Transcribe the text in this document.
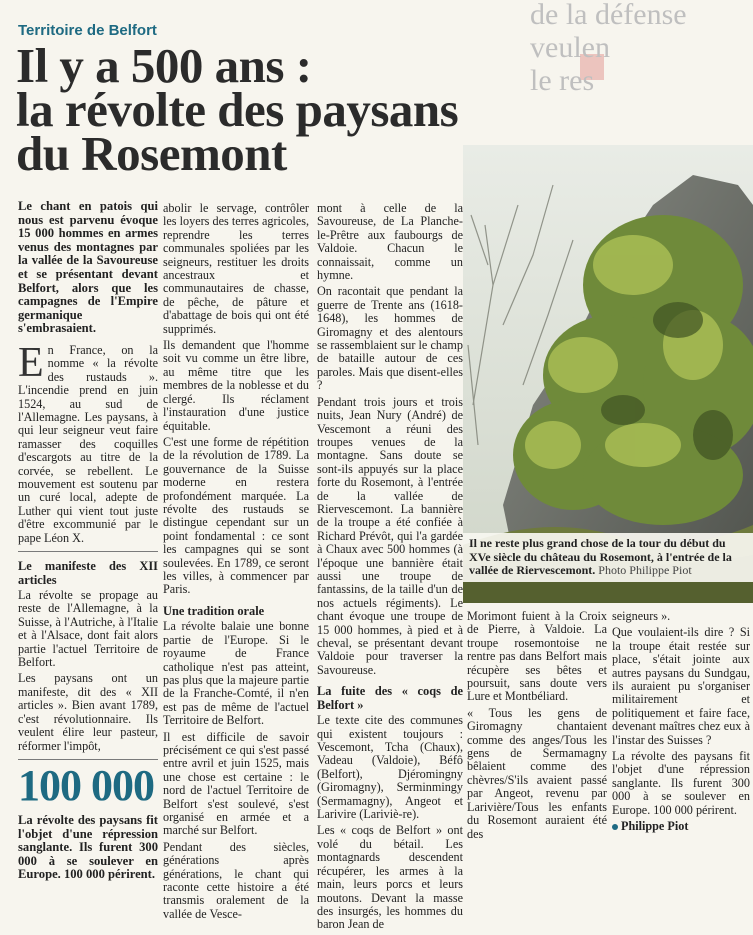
de la défense
veulen
le res
Territoire de Belfort
Il y a 500 ans :
la révolte des paysans
du Rosemont

Le chant en patois qui nous est parvenu évoque 15 000 hommes en armes venus des montagnes par la vallée de la Savoureuse et se présentant devant Belfort, alors que les campagnes de l'Empire germanique s'embrasaient.

En France, on la nomme « la révolte des rustauds ». L'incendie prend en juin 1524, au sud de l'Allemagne. Les paysans, à qui leur seigneur veut faire ramasser des coquilles d'escargots au titre de la corvée, se rebellent. Le mouvement est soutenu par un curé local, adepte de Luther qui vient tout juste d'être excommunié par le pape Léon X.

Le manifeste des XII articles

La révolte se propage au reste de l'Allemagne, à la Suisse, à l'Autriche, à l'Italie et à l'Alsace, dont fait alors partie l'actuel Territoire de Belfort.

Les paysans ont un manifeste, dit des « XII articles ». Bien avant 1789, c'est révolutionnaire. Ils veulent élire leur pasteur, réformer l'impôt,

100 000

La révolte des paysans fit l'objet d'une répression sanglante. Ils furent 300 000 à se soulever en Europe. 100 000 périrent.

abolir le servage, contrôler les loyers des terres agricoles, reprendre les terres communales spoliées par les seigneurs, restituer les droits ancestraux et communautaires de chasse, de pêche, de pâture et d'abattage de bois qui ont été supprimés.

Ils demandent que l'homme soit vu comme un être libre, au même titre que les membres de la noblesse et du clergé. Ils réclament l'instauration d'une justice équitable.

C'est une forme de répétition de la révolution de 1789. La gouvernance de la Suisse moderne en restera profondément marquée. La révolte des rustauds se distingue cependant sur un point fondamental : ce sont les campagnes qui se sont soulevées. En 1789, ce seront les villes, à commencer par Paris.

Une tradition orale

La révolte balaie une bonne partie de l'Europe. Si le royaume de France catholique n'est pas atteint, pas plus que la majeure partie de la Franche-Comté, il n'en est pas de même de l'actuel Territoire de Belfort.

Il est difficile de savoir précisément ce qui s'est passé entre avril et juin 1525, mais une chose est certaine : le nord de l'actuel Territoire de Belfort s'est soulevé, s'est organisé en armée et a marché sur Belfort.

Pendant des siècles, générations après générations, le chant qui raconte cette histoire a été transmis oralement de la vallée de Vesce-

mont à celle de la Savoureuse, de La Planche-le-Prêtre aux faubourgs de Valdoie. Chacun le connaissait, comme un hymne.

On racontait que pendant la guerre de Trente ans (1618-1648), les hommes de Giromagny et des alentours se rassemblaient sur le champ de bataille autour de ces paroles. Mais que disent-elles ?

Pendant trois jours et trois nuits, Jean Nury (André) de Vescemont a réuni des troupes venues de la montagne. Sans doute se sont-ils appuyés sur la place forte du Rosemont, à l'entrée de la vallée de Riervescemont. La bannière de la troupe a été confiée à Richard Prévôt, qui l'a gardée à Chaux avec 500 hommes (à l'époque une bannière était aussi une troupe de fantassins, de la taille d'un de nos actuels régiments). Le chant évoque une troupe de 15 000 hommes, à pied et à cheval, se présentant devant Valdoie pour traverser la Savoureuse.

La fuite des « coqs de Belfort »

Le texte cite des communes qui existent toujours : Vescemont, Tcha (Chaux), Vadeau (Valdoie), Béfô (Belfort), Djéromingny (Giromagny), Serminmingy (Sermamagny), Angeot et Larivire (Lariviè-re).

Les « coqs de Belfort » ont volé du bétail. Les montagnards descendent récupérer, les armes à la main, leurs porcs et leurs moutons. Devant la masse des insurgés, les hommes du baron Jean de

Il ne reste plus grand chose de la tour du début du XVe siècle du château du Rosemont, à l'entrée de la vallée de Riervescemont. Photo Philippe Piot

Morimont fuient à la Croix de Pierre, à Valdoie. La troupe rosemontoise ne rentre pas dans Belfort mais récupère ses bêtes et poursuit, sans doute vers Lure et Montbéliard.

« Tous les gens de Giromagny chantaient comme des anges/Tous les gens de Sermamagny bêlaient comme des chèvres/S'ils avaient passé par Angeot, revenu par Larivière/Tous les enfants du Rosemont auraient été des

seigneurs ».

Que voulaient-ils dire ? Si la troupe était restée sur place, s'était jointe aux autres paysans du Sundgau, ils auraient pu s'organiser militairement et politiquement et faire face, devenant maîtres chez eux à l'instar des Suisses ?

La révolte des paysans fit l'objet d'une répression sanglante. Ils furent 300 000 à se soulever en Europe. 100 000 périrent.

Philippe Piot
